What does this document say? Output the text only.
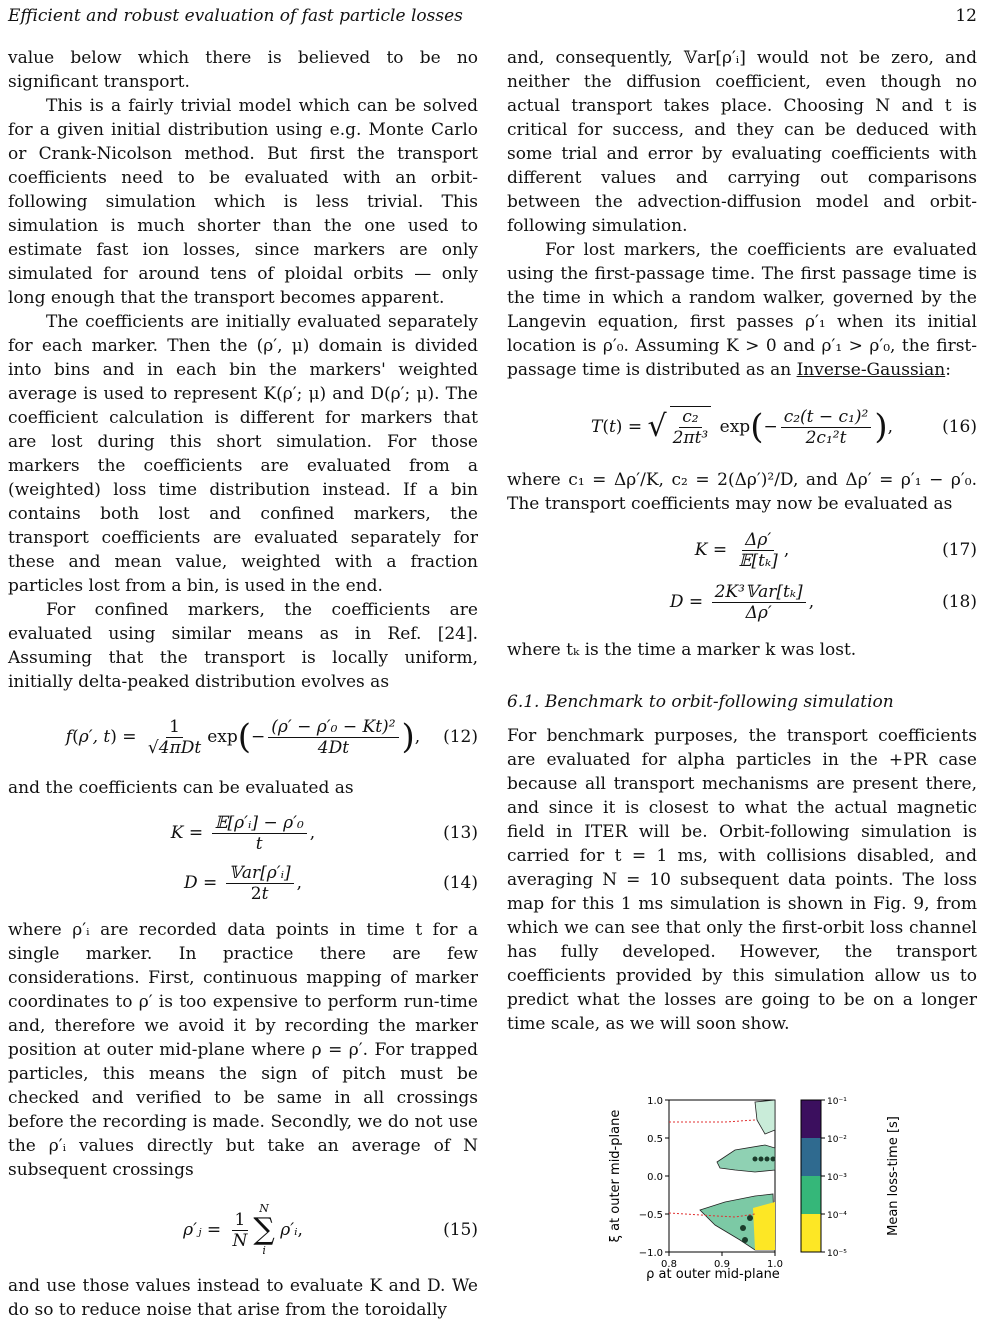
Efficient and robust evaluation of fast particle losses	12

value below which there is believed to be no significant transport.

This is a fairly trivial model which can be solved for a given initial distribution using e.g. Monte Carlo or Crank-Nicolson method. But first the transport coefficients need to be evaluated with an orbit-following simulation which is less trivial. This simulation is much shorter than the one used to estimate fast ion losses, since markers are only simulated for around tens of ploidal orbits — only long enough that the transport becomes apparent.

The coefficients are initially evaluated separately for each marker. Then the (ρ′, μ) domain is divided into bins and in each bin the markers' weighted average is used to represent K(ρ′; μ) and D(ρ′; μ). The coefficient calculation is different for markers that are lost during this short simulation. For those markers the coefficients are evaluated from a (weighted) loss time distribution instead. If a bin contains both lost and confined markers, the transport coefficients are evaluated separately for these and mean value, weighted with a fraction particles lost from a bin, is used in the end.

For confined markers, the coefficients are evaluated using similar means as in Ref. [24]. Assuming that the transport is locally uniform, initially delta-peaked distribution evolves as

f ( ρ′, t ) = $\frac{1}{\text{√4πDt}}$ exp ( − $\frac{\text{(ρ′ − ρ′₀ − Kt)²}}{4Dt}$ ) , (12)

and the coefficients can be evaluated as

$K = \frac{\text{𝔼[ρ′ᵢ] − ρ′₀}}{t}$ ,	(13)
$D = \frac{\text{𝕍ar[ρ′ᵢ]}}{2t}$ ,	(14)

where ρ′ᵢ are recorded data points in time t for a single marker. In practice there are few considerations. First, continuous mapping of marker coordinates to ρ′ is too expensive to perform run-time and, therefore we avoid it by recording the marker position at outer mid-plane where ρ = ρ′. For trapped particles, this means the sign of pitch must be checked and verified to be same in all crossings before the recording is made. Secondly, we do not use the ρ′ᵢ values directly but take an average of N subsequent crossings

ρ′ⱼ = $\frac{1}{N}$
N
∑
i
ρ′ᵢ ,	(15)

and use those values instead to evaluate K and D. We do so to reduce noise that arise from the toroidally

and, consequently, 𝕍ar[ρ′ᵢ] would not be zero, and neither the diffusion coefficient, even though no actual transport takes place. Choosing N and t is critical for success, and they can be deduced with some trial and error by evaluating coefficients with different values and carrying out comparisons between the advection-diffusion model and orbit-following simulation.

For lost markers, the coefficients are evaluated using the first-passage time. The first passage time is the time in which a random walker, governed by the Langevin equation, first passes ρ′₁ when its initial location is ρ′₀. Assuming K > 0 and ρ′₁ > ρ′₀, the first-passage time is distributed as an Inverse-Gaussian:

T ( t ) = √ $\frac{\text{c₂}}{\text{2πt³}}$ exp ( − $\frac{\text{c₂(t − c₁)²}}{\text{2c₁²t}}$ ) ,	(16)

where c₁ = Δρ′/K, c₂ = 2(Δρ′)²/D, and Δρ′ = ρ′₁ − ρ′₀. The transport coefficients may now be evaluated as

$K = \frac{\Delta\rho'}{\text{𝔼[tₖ]}}$ ,	(17)
$D = \frac{\text{2K³𝕍ar[tₖ]}}{\Delta\rho'}$ ,	(18)

where tₖ is the time a marker k was lost.

6.1. Benchmark to orbit-following simulation

For benchmark purposes, the transport coefficients are evaluated for alpha particles in the +PR case because all transport mechanisms are present there, and since it is closest to what the actual magnetic field in ITER will be. Orbit-following simulation is carried for t = 1 ms, with collisions disabled, and averaging N = 10 subsequent data points. The loss map for this 1 ms simulation is shown in Fig. 9, from which we can see that only the first-orbit loss channel has fully developed. However, the transport coefficients provided by this simulation allow us to predict what the losses are going to be on a longer time scale, as we will soon show.

1.0
0.5
0.0
−0.5
−1.0
0.8	0.9	1.0
ξ at outer mid-plane
ρ at outer mid-plane
10⁻¹
10⁻²
10⁻³
10⁻⁴
10⁻⁵
Mean loss-time [s]
